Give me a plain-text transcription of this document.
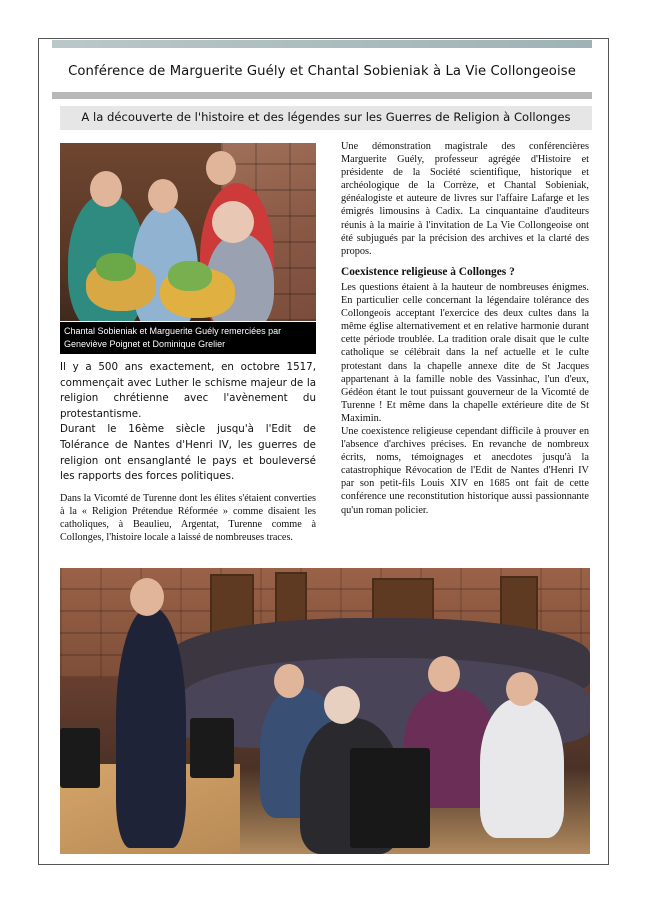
Conférence de Marguerite Guély et Chantal Sobieniak à La Vie Collongeoise
A la découverte de l'histoire et des légendes sur les Guerres de Religion à Collonges
Chantal Sobieniak et Marguerite Guély remerciées par Geneviève Poignet et Dominique Grelier

Il y a 500 ans exactement, en octobre 1517, commençait avec Luther le schisme majeur de la religion chrétienne avec l'avènement du protestantisme.

Durant le 16ème siècle jusqu'à l'Edit de Tolérance de Nantes d'Henri IV, les guerres de religion ont ensanglanté le pays et bouleversé les rapports des forces politiques.

Dans la Vicomté de Turenne dont les élites s'étaient converties à la « Religion Prétendue Réformée » comme disaient les catholiques, à Beaulieu, Argentat, Turenne comme à Collonges, l'histoire locale a laissé de nombreuses traces.

Une démonstration magistrale des conférencières Marguerite Guély, professeur agrégée d'Histoire et présidente de la Société scientifique, historique et archéologique de la Corrèze, et Chantal Sobieniak, généalogiste et auteure de livres sur l'affaire Lafarge et les émigrés limousins à Cadix. La cinquantaine d'auditeurs réunis à la mairie à l'invitation de La Vie Collongeoise ont été subjugués par la précision des archives et la clarté des propos.

Coexistence religieuse à Collonges ?

Les questions étaient à la hauteur de nombreuses énigmes. En particulier celle concernant la légendaire tolérance des Collongeois acceptant l'exercice des deux cultes dans la même église alternativement et en relative harmonie durant cette période troublée. La tradition orale disait que le culte catholique se célébrait dans la nef actuelle et le culte protestant dans la chapelle annexe dite de St Jacques appartenant à la famille noble des Vassinhac, l'un d'eux, Gédéon étant le tout puissant gouverneur de la Vicomté de Turenne ! Et même dans la chapelle extérieure dite de St Maximin.

Une coexistence religieuse cependant difficile à prouver en l'absence d'archives précises. En revanche de nombreux écrits, noms, témoignages et anecdotes jusqu'à la catastrophique Révocation de l'Edit de Nantes d'Henri IV par son petit-fils Louis XIV en 1685 ont fait de cette conférence une reconstitution historique aussi passionnante qu'un roman policier.
